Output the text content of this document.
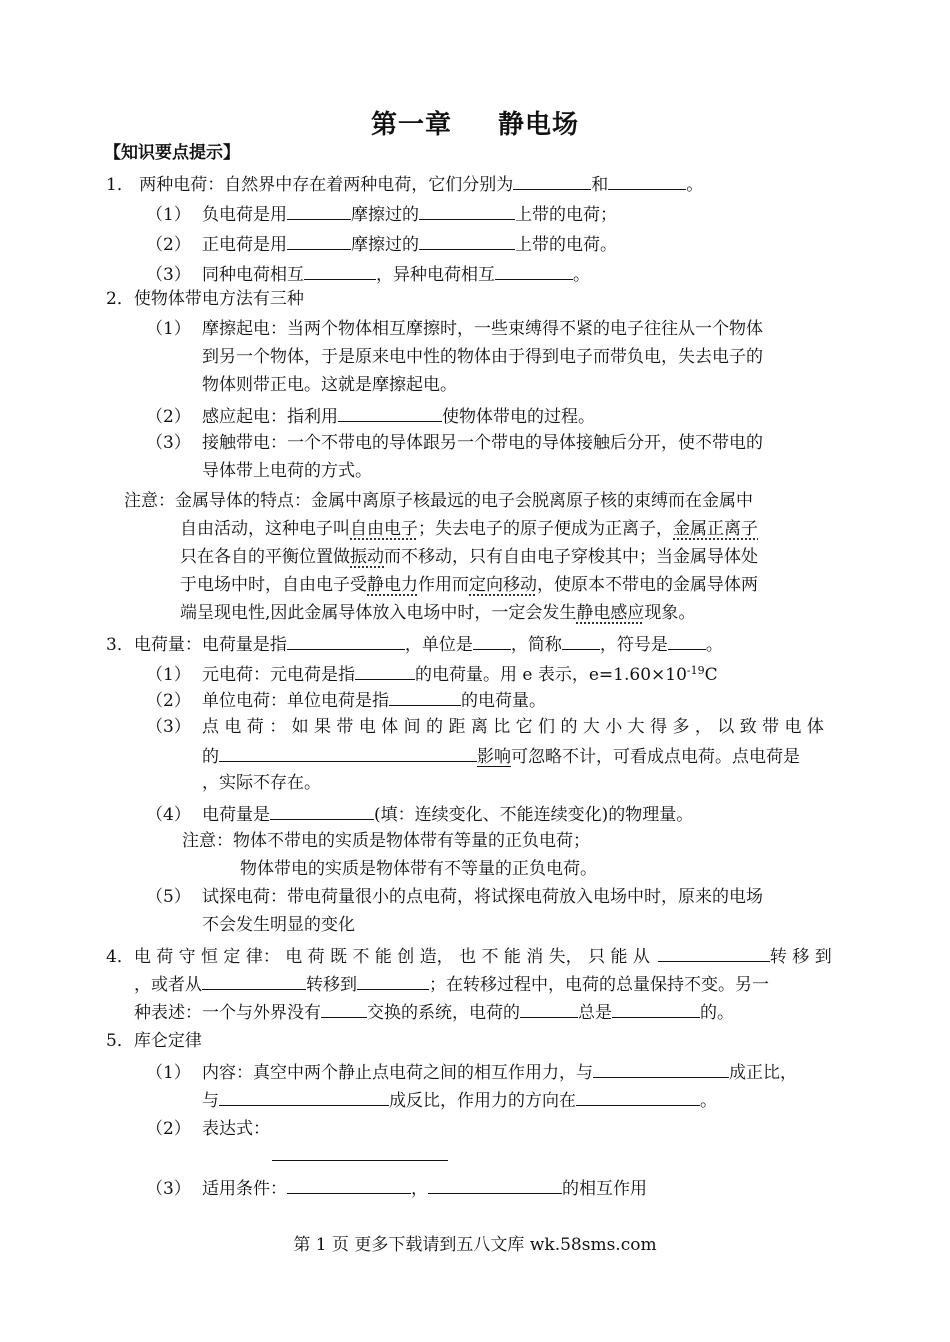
第一章 静电场
【知识要点提示】
1． 两种电荷：自然界中存在着两种电荷，它们分别为	和	。
（1） 负电荷是用	摩擦过的	上带的电荷；
（2） 正电荷是用	摩擦过的	上带的电荷。
（3） 同种电荷相互	，异种电荷相互	。
2．使物体带电方法有三种
（1） 摩擦起电：当两个物体相互摩擦时，一些束缚得不紧的电子往往从一个物体
到另一个物体，于是原来电中性的物体由于得到电子而带负电，失去电子的
物体则带正电。这就是摩擦起电。
（2） 感应起电：指利用	使物体带电的过程。
（3） 接触带电：一个不带电的导体跟另一个带电的导体接触后分开，使不带电的
导体带上电荷的方式。
注意：金属导体的特点：金属中离原子核最远的电子会脱离原子核的束缚而在金属中
自由活动，这种电子叫自由电子；失去电子的原子便成为正离子，金属正离子
只在各自的平衡位置做振动而不移动，只有自由电子穿梭其中；当金属导体处
于电场中时，自由电子受静电力作用而定向移动，使原本不带电的金属导体两
端呈现电性,因此金属导体放入电场中时，一定会发生静电感应现象。
3．电荷量：电荷量是指	，单位是 ，简称 ，符号是 。
（1） 元电荷：元电荷是指	的电荷量。用 e 表示，$e=1.60\times 10^{-19}C$
（2） 单位电荷：单位电荷是指	的电荷量。
（3） 点 电 荷 ： 如 果 带 电 体 间 的 距 离 比 它 们 的 大 小 大 得 多 ， 以 致 带 电 体
的	影响可忽略不计，可看成点电荷。点电荷是
，实际不存在。
（4） 电荷量是	(填：连续变化、不能连续变化)的物理量。
注意：物体不带电的实质是物体带有等量的正负电荷；
物体带电的实质是物体带有不等量的正负电荷。
（5） 试探电荷：带电荷量很小的点电荷，将试探电荷放入电场中时，原来的电场
不会发生明显的变化
4．电 荷 守 恒 定 律： 电 荷 既 不 能 创 造， 也 不 能 消 失， 只 能 从	转 移 到
，或者从	转移到	；在转移过程中，电荷的总量保持不变。另一
种表述：一个与外界没有	交换的系统，电荷的	总是	的。
5．库仑定律
（1） 内容：真空中两个静止点电荷之间的相互作用力，与	成正比，
与	成反比，作用力的方向在	。
（2） 表达式：
（3） 适用条件：	，	的相互作用
第 1 页 更多下载请到五八文库 wk.58sms.com
